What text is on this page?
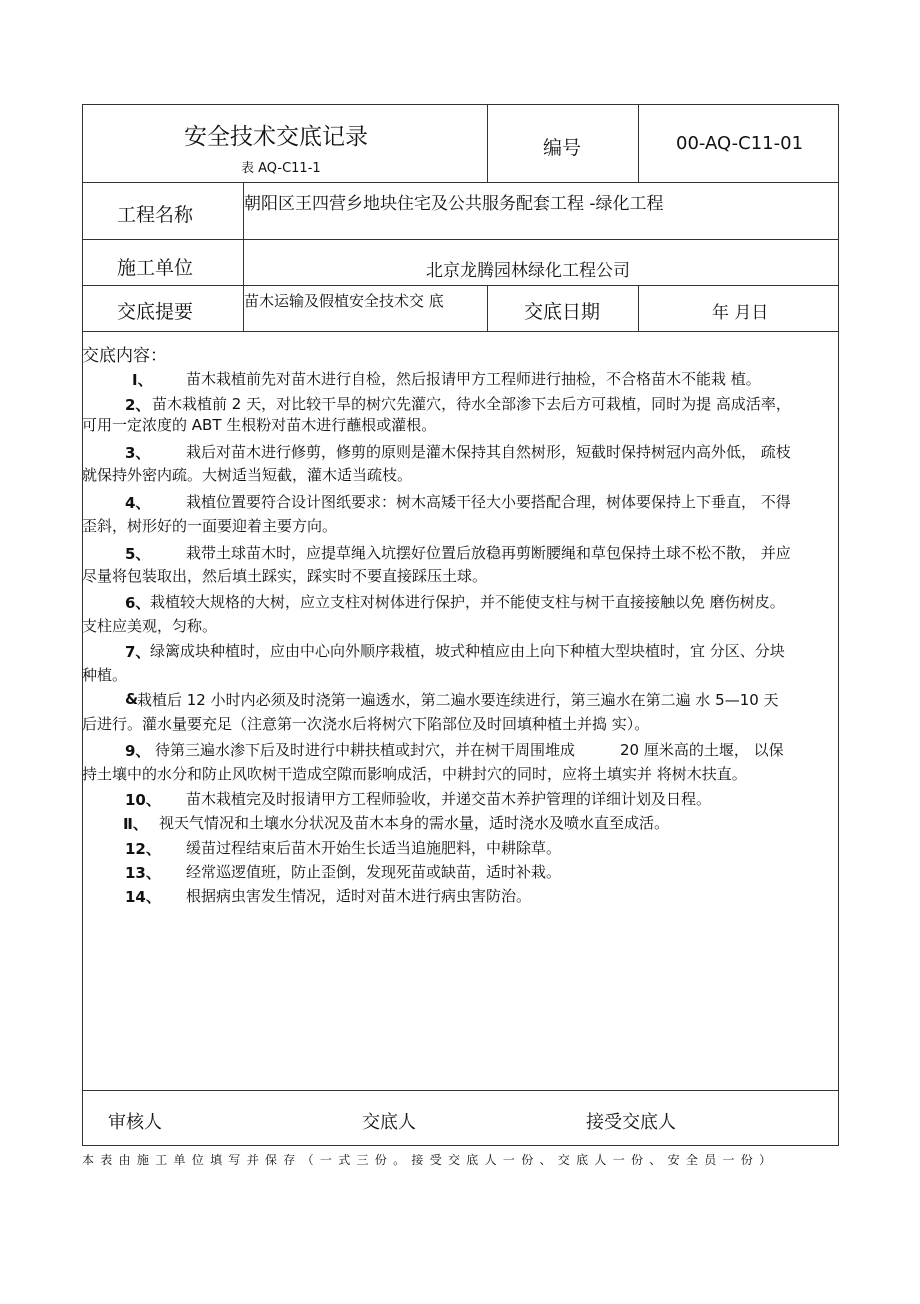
安全技术交底记录
表 AQ-C11-1
编号	00-AQ-C11-01
工程名称	朝阳区王四营乡地块住宅及公共服务配套工程 -绿化工程
施工单位	北京龙腾园林绿化工程公司
交底提要	苗木运输及假植安全技术交 底	交底日期	年 月日
交底内容：
Ⅰ、 苗木栽植前先对苗木进行自检，然后报请甲方工程师进行抽检，不合格苗木不能栽 植。
2、 苗木栽植前 2 天，对比较干旱的树穴先灌穴，待水全部渗下去后方可栽植，同时为提 高成活率，
可用一定浓度的 ABT 生根粉对苗木进行蘸根或灌根。
3、 栽后对苗木进行修剪，修剪的原则是灌木保持其自然树形，短截时保持树冠内高外低， 疏枝
就保持外密内疏。大树适当短截，灌木适当疏枝。
4、 栽植位置要符合设计图纸要求：树木高矮干径大小要搭配合理，树体要保持上下垂直， 不得
歪斜，树形好的一面要迎着主要方向。
5、 栽带土球苗木时，应提草绳入坑摆好位置后放稳再剪断腰绳和草包保持土球不松不散， 并应
尽量将包装取出，然后填土踩实，踩实时不要直接踩压土球。
6、 栽植较大规格的大树，应立支柱对树体进行保护，并不能使支柱与树干直接接触以免 磨伤树皮。
支柱应美观，匀称。
7、 绿篱成块种植时，应由中心向外顺序栽植，坡式种植应由上向下种植大型块植时，宜 分区、分块
种植。
&
栽植后 12 小时内必须及时浇第一遍透水，第二遍水要连续进行，第三遍水在第二遍 水 5—10 天
后进行。灌水量要充足（注意第一次浇水后将树穴下陷部位及时回填种植土并捣 实）。
9、 待第三遍水渗下后及时进行中耕扶植或封穴，并在树干周围堆成　　　20 厘米高的土堰， 以保
持土壤中的水分和防止风吹树干造成空隙而影响成活，中耕封穴的同时，应将土填实并 将树木扶直。
10、 苗木栽植完及时报请甲方工程师验收，并递交苗木养护管理的详细计划及日程。
Ⅱ、 视天气情况和土壤水分状况及苗木本身的需水量，适时浇水及喷水直至成活。
12、 缓苗过程结束后苗木开始生长适当追施肥料，中耕除草。
13、 经常巡逻值班，防止歪倒，发现死苗或缺苗，适时补栽。
14、 根据病虫害发生情况，适时对苗木进行病虫害防治。
审核人	交底人	接受交底人
本表由施工单位填写并保存（一式三份。接受交底人一份、交底人一份、安全员一份）
